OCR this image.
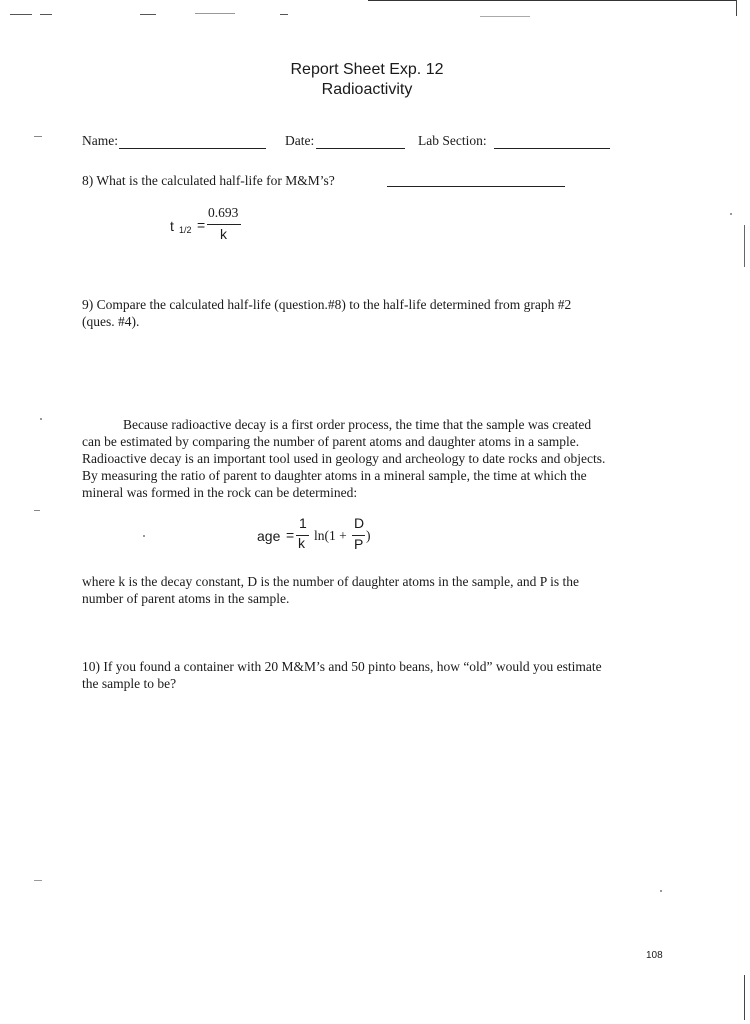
Report Sheet Exp. 12
Radioactivity
Name:	Date:	Lab Section:
8) What is the calculated half-life for M&M’s?
t 1/2 =
0.693
k
9) Compare the calculated half-life (question.#8) to the half-life determined from graph #2
(ques. #4).
Because radioactive decay is a first order process, the time that the sample was created
can be estimated by comparing the number of parent atoms and daughter atoms in a sample.
Radioactive decay is an important tool used in geology and archeology to date rocks and objects.
By measuring the ratio of parent to daughter atoms in a mineral sample, the time at which the
mineral was formed in the rock can be determined:
age =
1
k ln(1 +
D
P
)
where k is the decay constant, D is the number of daughter atoms in the sample, and P is the
number of parent atoms in the sample.
10) If you found a container with 20 M&M’s and 50 pinto beans, how “old” would you estimate
the sample to be?
108
